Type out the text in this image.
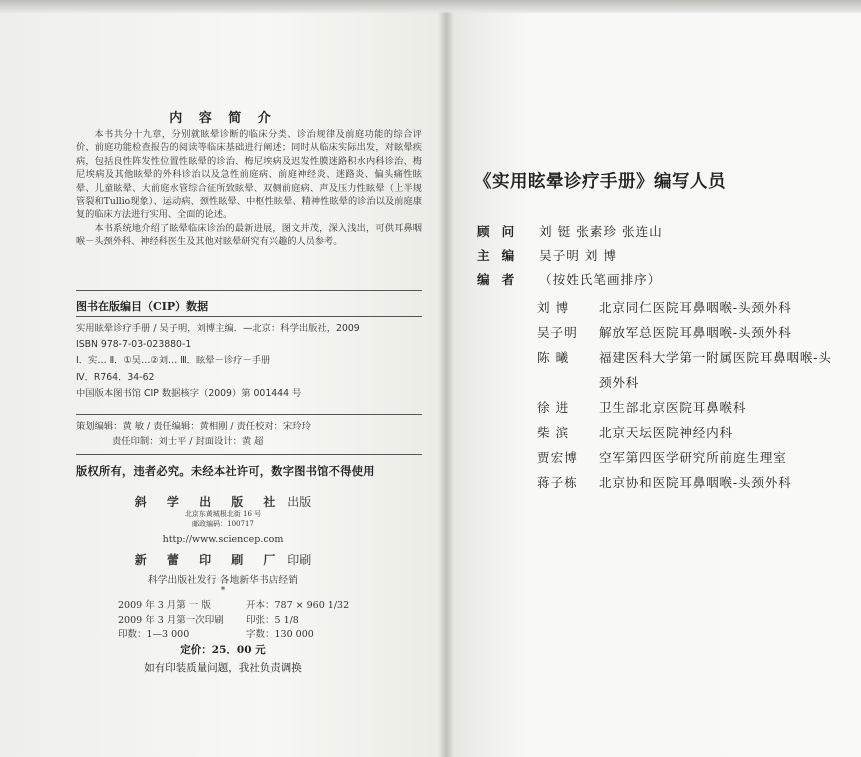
内 容 简 介

本书共分十九章，分别就眩晕诊断的临床分类、诊治规律及前庭功能的综合评价、前庭功能检查报告的阅读等临床基础进行阐述；同时从临床实际出发，对眩晕疾病，包括良性阵发性位置性眩晕的诊治、梅尼埃病及迟发性膜迷路积水内科诊治、梅尼埃病及其他眩晕的外科诊治以及急性前庭病、前庭神经炎、迷路炎、偏头痛性眩晕、儿童眩晕、大前庭水管综合征所致眩晕、双侧前庭病、声及压力性眩晕（上半规管裂和Tullio现象）、运动病、颈性眩晕、中枢性眩晕、精神性眩晕的诊治以及前庭康复的临床方法进行实用、全面的论述。

本书系统地介绍了眩晕临床诊治的最新进展，图文并茂，深入浅出，可供耳鼻咽喉－头颈外科、神经科医生及其他对眩晕研究有兴趣的人员参考。

图书在版编目（CIP）数据
实用眩晕诊疗手册 / 吴子明，刘博主编．—北京：科学出版社，2009
ISBN 978-7-03-023880-1
Ⅰ．实… Ⅱ．①吴…②刘… Ⅲ．眩晕－诊疗－手册
Ⅳ．R764．34-62
中国版本图书馆 CIP 数据核字（2009）第 001444 号
策划编辑：黄 敏 / 责任编辑：黄相刚 / 责任校对：宋玲玲
责任印制：刘士平 / 封面设计：黄 超
版权所有，违者必究。未经本社许可，数字图书馆不得使用
斜 学 出 版 社 出版
北京东黄城根北街 16 号
邮政编码：100717
http://www.sciencep.com
新 蕾 印 刷 厂 印刷
科学出版社发行 各地新华书店经销
*
2009 年 3 月第 一 版	开本：787 × 960 1/32
2009 年 3 月第一次印刷	印张：5 1/8
印数：1—3 000	字数：130 000
定价：25．00 元
如有印装质量问题，我社负责调换
《实用眩晕诊疗手册》编写人员
顾问 刘 铤 张素珍 张连山
主编 吴子明 刘 博
编者 （按姓氏笔画排序）
刘 博	北京同仁医院耳鼻咽喉-头颈外科
吴子明	解放军总医院耳鼻咽喉-头颈外科
陈 曦	福建医科大学第一附属医院耳鼻咽喉-头颈外科
徐 进	卫生部北京医院耳鼻喉科
柴 滨	北京天坛医院神经内科
贾宏博	空军第四医学研究所前庭生理室
蒋子栋	北京协和医院耳鼻咽喉-头颈外科
